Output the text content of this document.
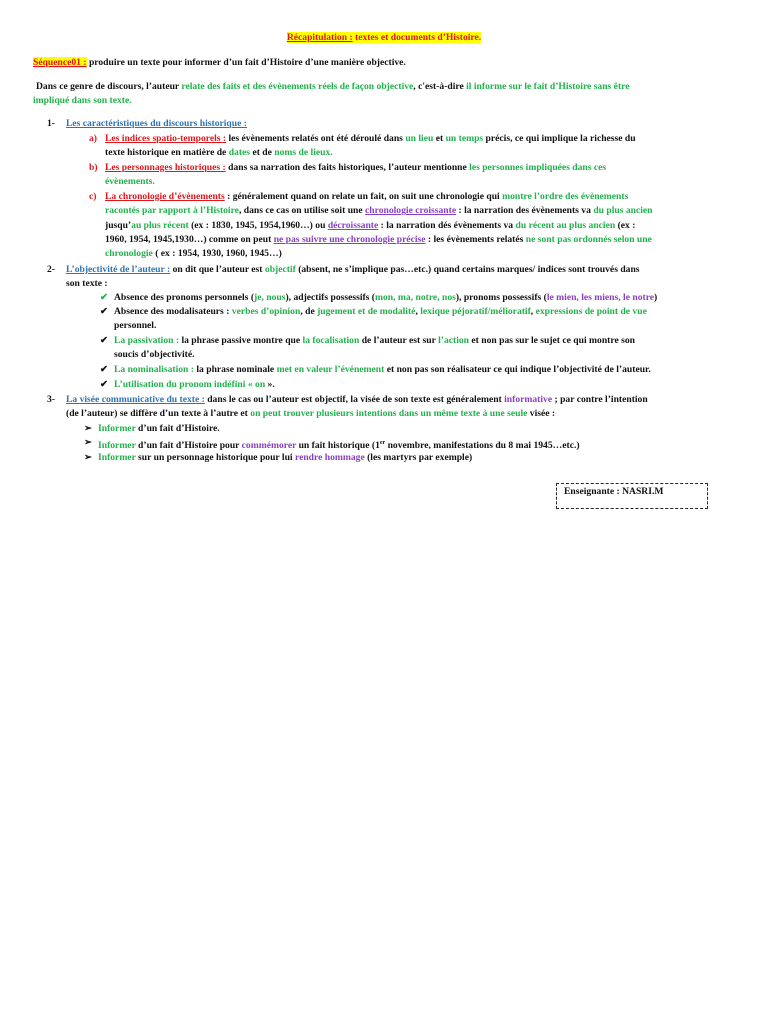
Récapitulation : textes et documents d’Histoire.
Séquence01 : produire un texte pour informer d’un fait d’Histoire d’une manière objective.
Dans ce genre de discours, l’auteur relate des faits et des évènements réels de façon objective, c'est-à-dire il informe sur le fait d’Histoire sans être
impliqué dans son texte.
1- Les caractéristiques du discours historique :
a) Les indices spatio-temporels : les évènements relatés ont été déroulé dans un lieu et un temps précis, ce qui implique la richesse du
texte historique en matière de dates et de noms de lieux.
b) Les personnages historiques : dans sa narration des faits historiques, l’auteur mentionne les personnes impliquées dans ces
évènements.
c) La chronologie d’évènements : généralement quand on relate un fait, on suit une chronologie qui montre l’ordre des évènements
racontés par rapport à l’Histoire, dans ce cas on utilise soit une chronologie croissante : la narration des évènements va du plus ancien
jusqu’au plus récent (ex : 1830, 1945, 1954,1960…) ou décroissante : la narration dés évènements va du récent au plus ancien (ex :
1960, 1954, 1945,1930…) comme on peut ne pas suivre une chronologie précise : les évènements relatés ne sont pas ordonnés selon une
chronologie ( ex : 1954, 1930, 1960, 1945…)
2- L’objectivité de l’auteur : on dit que l’auteur est objectif (absent, ne s’implique pas…etc.) quand certains marques/ indices sont trouvés dans
son texte :
✔ Absence des pronoms personnels (je, nous), adjectifs possessifs (mon, ma, notre, nos), pronoms possessifs (le mien, les miens, le notre)
✔ Absence des modalisateurs : verbes d’opinion, de jugement et de modalité, lexique péjoratif/mélioratif, expressions de point de vue
personnel.
✔ La passivation : la phrase passive montre que la focalisation de l’auteur est sur l’action et non pas sur le sujet ce qui montre son
soucis d’objectivité.
✔ La nominalisation : la phrase nominale met en valeur l’événement et non pas son réalisateur ce qui indique l’objectivité de l’auteur.
✔ L’utilisation du pronom indéfini « on ».
3- La visée communicative du texte : dans le cas ou l’auteur est objectif, la visée de son texte est généralement informative ; par contre l’intention
(de l’auteur) se diffère d’un texte à l’autre et on peut trouver plusieurs intentions dans un même texte à une seule visée :
➢ Informer d’un fait d’Histoire.
➢ Informer d’un fait d’Histoire pour commémorer un fait historique (1er novembre, manifestations du 8 mai 1945…etc.)
➢ Informer sur un personnage historique pour lui rendre hommage (les martyrs par exemple)
Enseignante : NASRI.M
